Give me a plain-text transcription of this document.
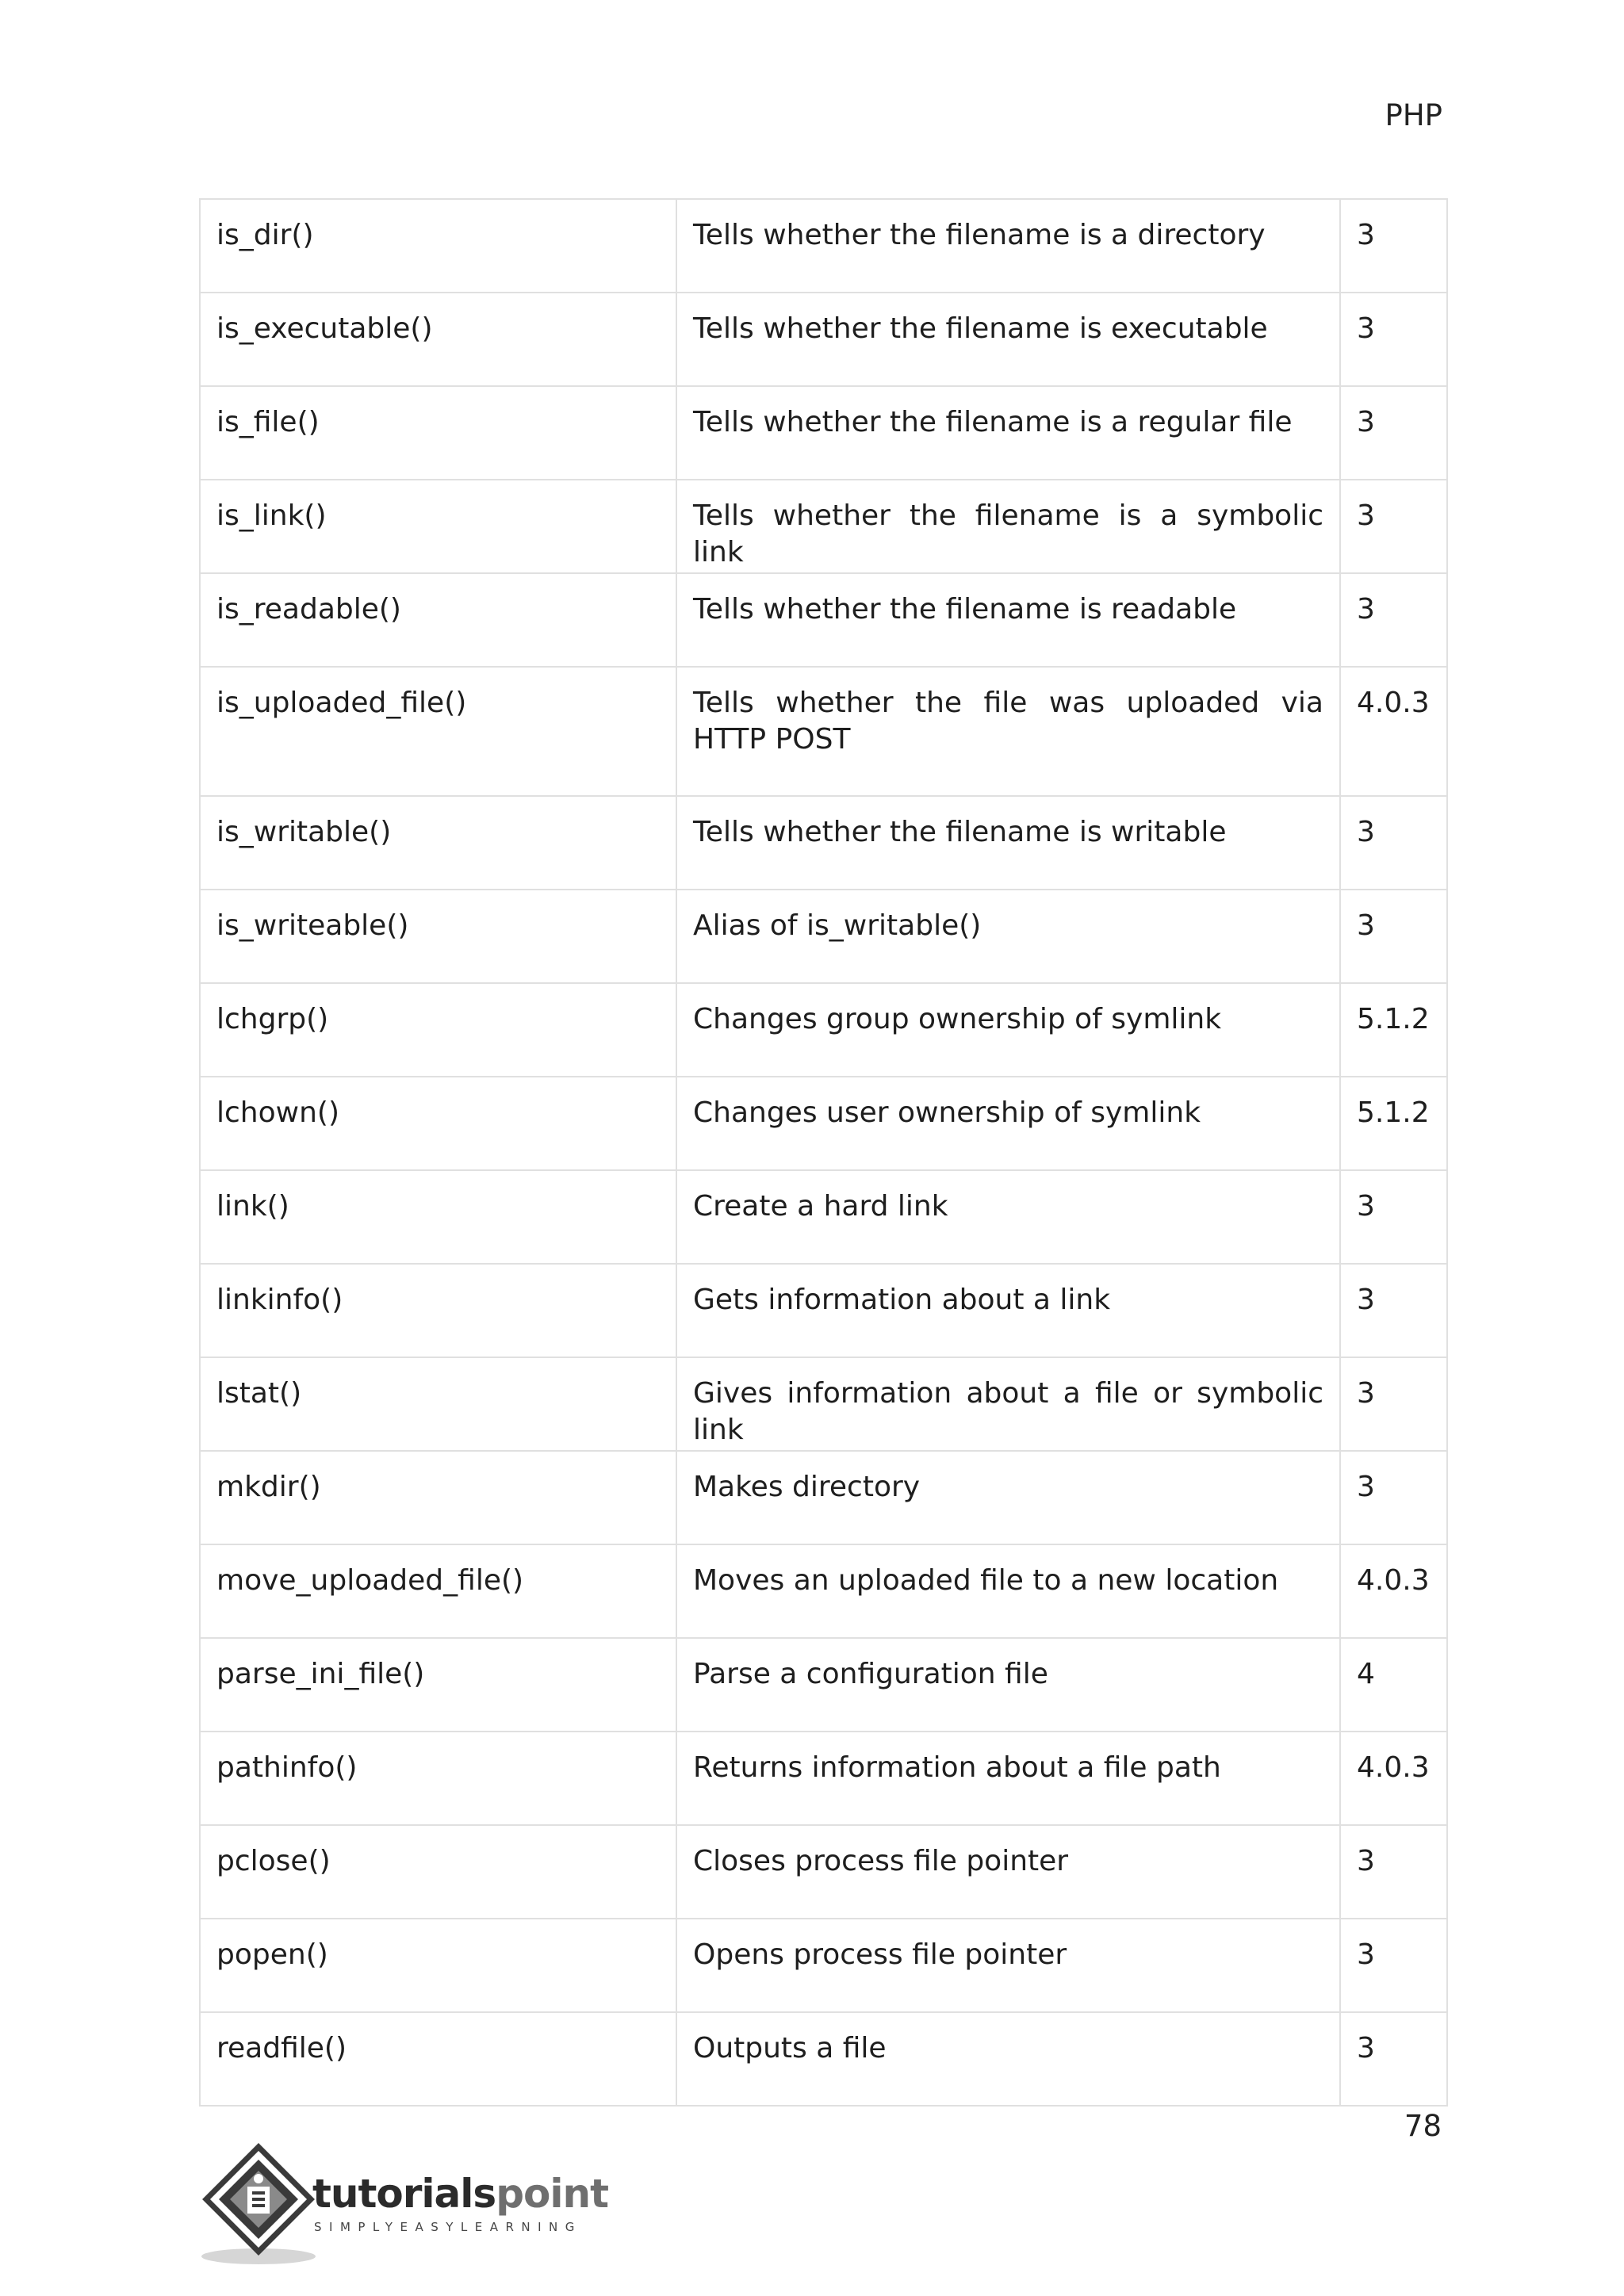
PHP
is_dir()	Tells whether the filename is a directory	3
is_executable()	Tells whether the filename is executable	3
is_file()	Tells whether the filename is a regular file	3
is_link()	Tells whether the filename is a symbolic link	3
is_readable()	Tells whether the filename is readable	3
is_uploaded_file()	Tells whether the file was uploaded via HTTP POST	4.0.3
is_writable()	Tells whether the filename is writable	3
is_writeable()	Alias of is_writable()	3
lchgrp()	Changes group ownership of symlink	5.1.2
lchown()	Changes user ownership of symlink	5.1.2
link()	Create a hard link	3
linkinfo()	Gets information about a link	3
lstat()	Gives information about a file or symbolic link	3
mkdir()	Makes directory	3
move_uploaded_file()	Moves an uploaded file to a new location	4.0.3
parse_ini_file()	Parse a configuration file	4
pathinfo()	Returns information about a file path	4.0.3
pclose()	Closes process file pointer	3
popen()	Opens process file pointer	3
readfile()	Outputs a file	3
78
tutorialspoint
SIMPLYEASYLEARNING
